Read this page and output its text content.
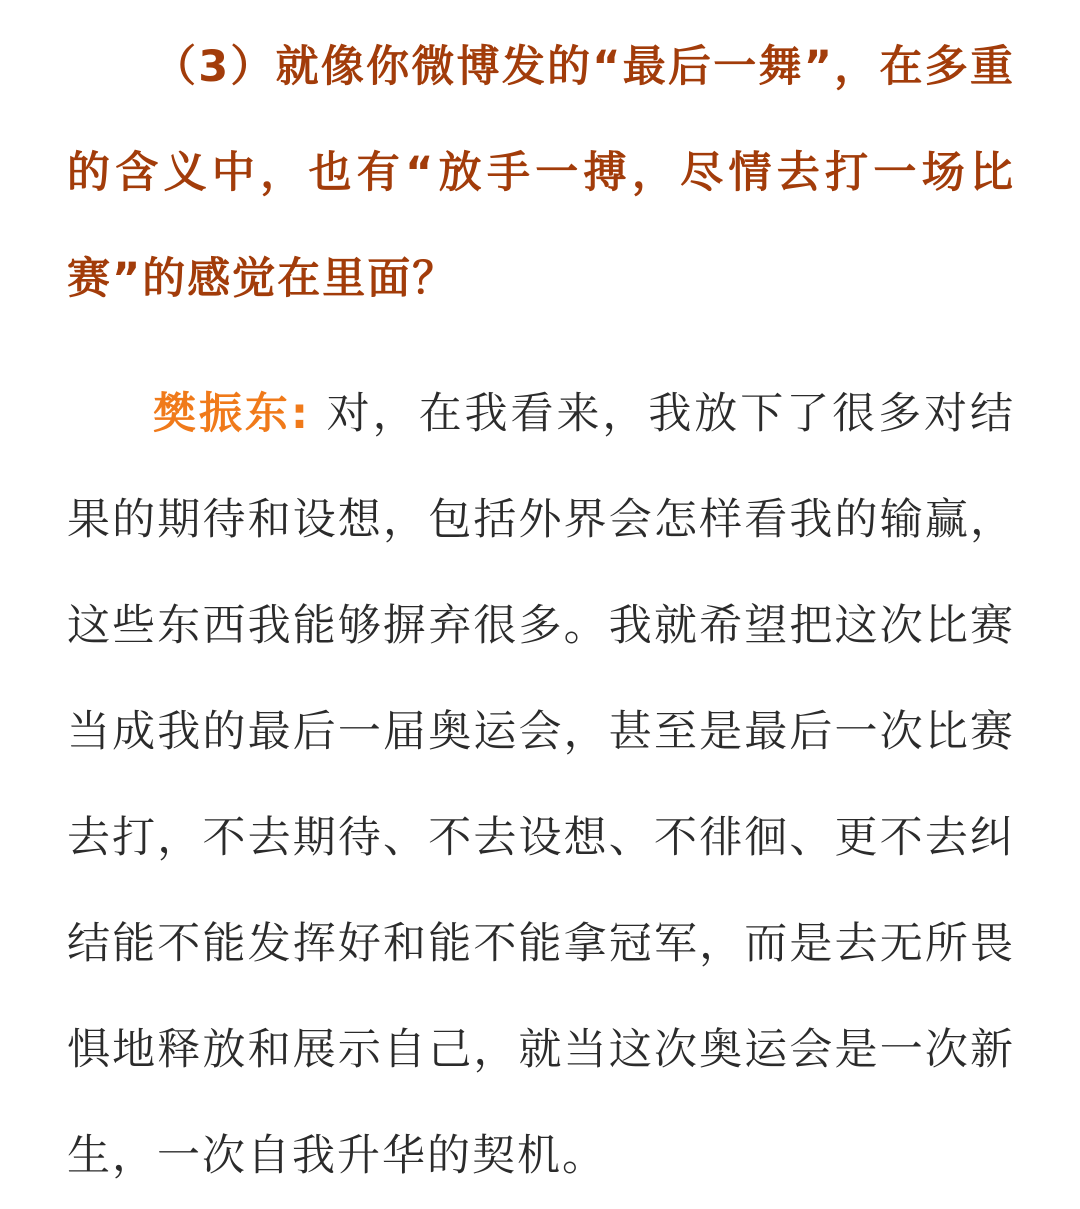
（3）就像你微博发的“最后一舞”，在多重的含义中，也有“放手一搏，尽情去打一场比赛”的感觉在里面？

樊振东: 对，在我看来，我放下了很多对结果的期待和设想，包括外界会怎样看我的输赢，这些东西我能够摒弃很多。我就希望把这次比赛当成我的最后一届奥运会，甚至是最后一次比赛去打，不去期待、不去设想、不徘徊、更不去纠结能不能发挥好和能不能拿冠军，而是去无所畏惧地释放和展示自己，就当这次奥运会是一次新生，一次自我升华的契机。
